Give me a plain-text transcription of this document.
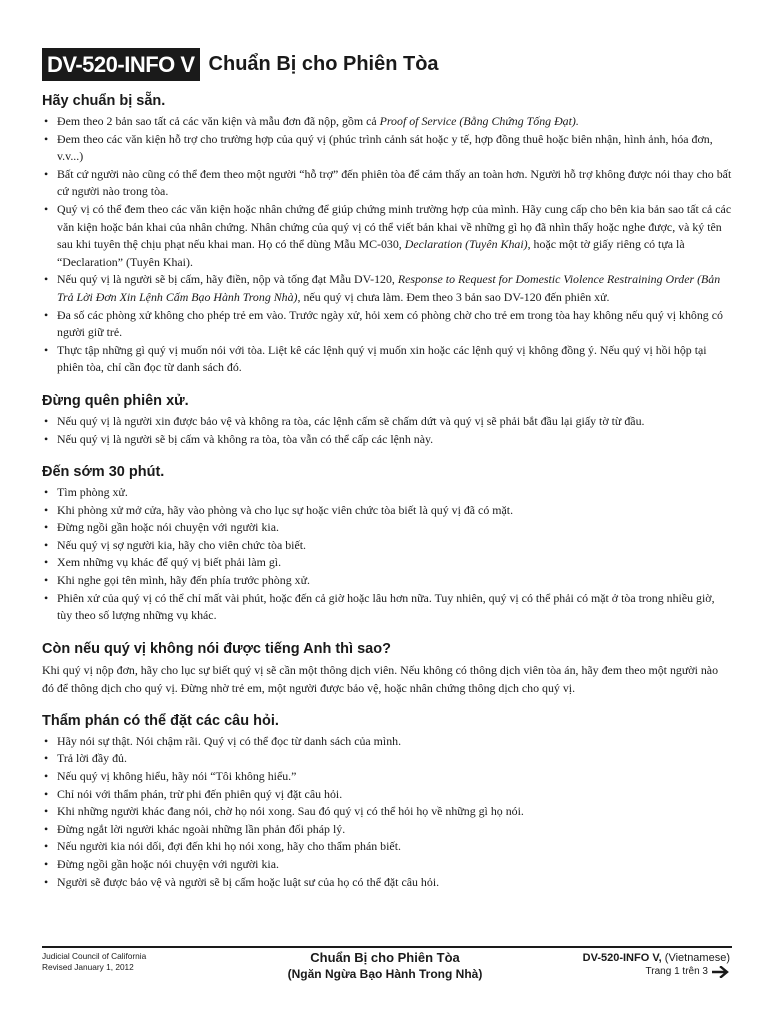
DV-520-INFO V Chuẩn Bị cho Phiên Tòa
Hãy chuẩn bị sẵn.
• Đem theo 2 bản sao tất cả các văn kiện và mẫu đơn đã nộp, gồm cả Proof of Service (Bằng Chứng Tống Đạt).
• Đem theo các văn kiện hỗ trợ cho trường hợp của quý vị (phúc trình cảnh sát hoặc y tế, hợp đồng thuê hoặc biên nhận, hình ảnh, hóa đơn, v.v...)
• Bất cứ người nào cũng có thể đem theo một người “hỗ trợ” đến phiên tòa để cảm thấy an toàn hơn. Người hỗ trợ không được nói thay cho bất cứ người nào trong tòa.
• Quý vị có thể đem theo các văn kiện hoặc nhân chứng để giúp chứng minh trường hợp của mình. Hãy cung cấp cho bên kia bản sao tất cả các văn kiện hoặc bản khai của nhân chứng. Nhân chứng của quý vị có thể viết bản khai về những gì họ đã nhìn thấy hoặc nghe được, và ký tên sau khi tuyên thệ chịu phạt nếu khai man. Họ có thể dùng Mẫu MC-030, Declaration (Tuyên Khai), hoặc một tờ giấy riêng có tựa là “Declaration” (Tuyên Khai).
• Nếu quý vị là người sẽ bị cấm, hãy điền, nộp và tống đạt Mẫu DV-120, Response to Request for Domestic Violence Restraining Order (Bản Trả Lời Đơn Xin Lệnh Cấm Bạo Hành Trong Nhà), nếu quý vị chưa làm. Đem theo 3 bản sao DV-120 đến phiên xử.
• Đa số các phòng xử không cho phép trẻ em vào. Trước ngày xử, hỏi xem có phòng chờ cho trẻ em trong tòa hay không nếu quý vị không có người giữ trẻ.
• Thực tập những gì quý vị muốn nói với tòa. Liệt kê các lệnh quý vị muốn xin hoặc các lệnh quý vị không đồng ý. Nếu quý vị hồi hộp tại phiên tòa, chỉ cần đọc từ danh sách đó.
Đừng quên phiên xử.
• Nếu quý vị là người xin được bảo vệ và không ra tòa, các lệnh cấm sẽ chấm dứt và quý vị sẽ phải bắt đầu lại giấy tờ từ đầu.
• Nếu quý vị là người sẽ bị cấm và không ra tòa, tòa vẫn có thể cấp các lệnh này.
Đến sớm 30 phút.
• Tìm phòng xử.
• Khi phòng xử mở cửa, hãy vào phòng và cho lục sự hoặc viên chức tòa biết là quý vị đã có mặt.
• Đừng ngồi gần hoặc nói chuyện với người kia.
• Nếu quý vị sợ người kia, hãy cho viên chức tòa biết.
• Xem những vụ khác để quý vị biết phải làm gì.
• Khi nghe gọi tên mình, hãy đến phía trước phòng xử.
• Phiên xử của quý vị có thể chỉ mất vài phút, hoặc đến cả giờ hoặc lâu hơn nữa. Tuy nhiên, quý vị có thể phải có mặt ở tòa trong nhiều giờ, tùy theo số lượng những vụ khác.
Còn nếu quý vị không nói được tiếng Anh thì sao?

Khi quý vị nộp đơn, hãy cho lục sự biết quý vị sẽ cần một thông dịch viên. Nếu không có thông dịch viên tòa án, hãy đem theo một người nào đó để thông dịch cho quý vị. Đừng nhờ trẻ em, một người được bảo vệ, hoặc nhân chứng thông dịch cho quý vị.

Thẩm phán có thể đặt các câu hỏi.
• Hãy nói sự thật. Nói chậm rãi. Quý vị có thể đọc từ danh sách của mình.
• Trả lời đầy đủ.
• Nếu quý vị không hiểu, hãy nói “Tôi không hiểu.”
• Chỉ nói với thẩm phán, trừ phi đến phiên quý vị đặt câu hỏi.
• Khi những người khác đang nói, chờ họ nói xong. Sau đó quý vị có thể hỏi họ về những gì họ nói.
• Đừng ngắt lời người khác ngoài những lần phản đối pháp lý.
• Nếu người kia nói dối, đợi đến khi họ nói xong, hãy cho thẩm phán biết.
• Đừng ngồi gần hoặc nói chuyện với người kia.
• Người sẽ được bảo vệ và người sẽ bị cấm hoặc luật sư của họ có thể đặt câu hỏi.
Judicial Council of California
Revised January 1, 2012
Chuẩn Bị cho Phiên Tòa
(Ngăn Ngừa Bạo Hành Trong Nhà)
DV-520-INFO V, (Vietnamese)
Trang 1 trên 3
